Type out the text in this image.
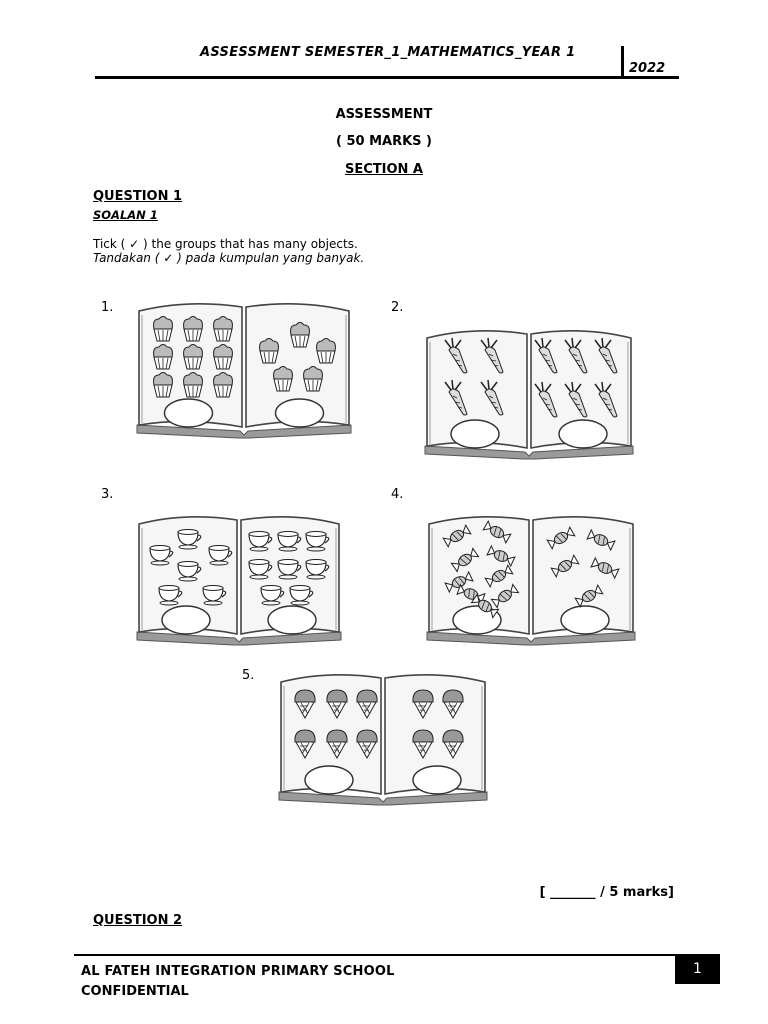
ASSESSMENT SEMESTER_1_MATHEMATICS_YEAR 1
2022
ASSESSMENT
( 50 MARKS )
SECTION A
QUESTION 1
SOALAN 1
Tick ( ✓ ) the groups that has many objects.
Tandakan ( ✓ ) pada kumpulan yang banyak.
1.	2.
3.	4.
5.
[ _______ / 5 marks]
QUESTION 2
AL FATEH INTEGRATION PRIMARY SCHOOL
CONFIDENTIAL
1
